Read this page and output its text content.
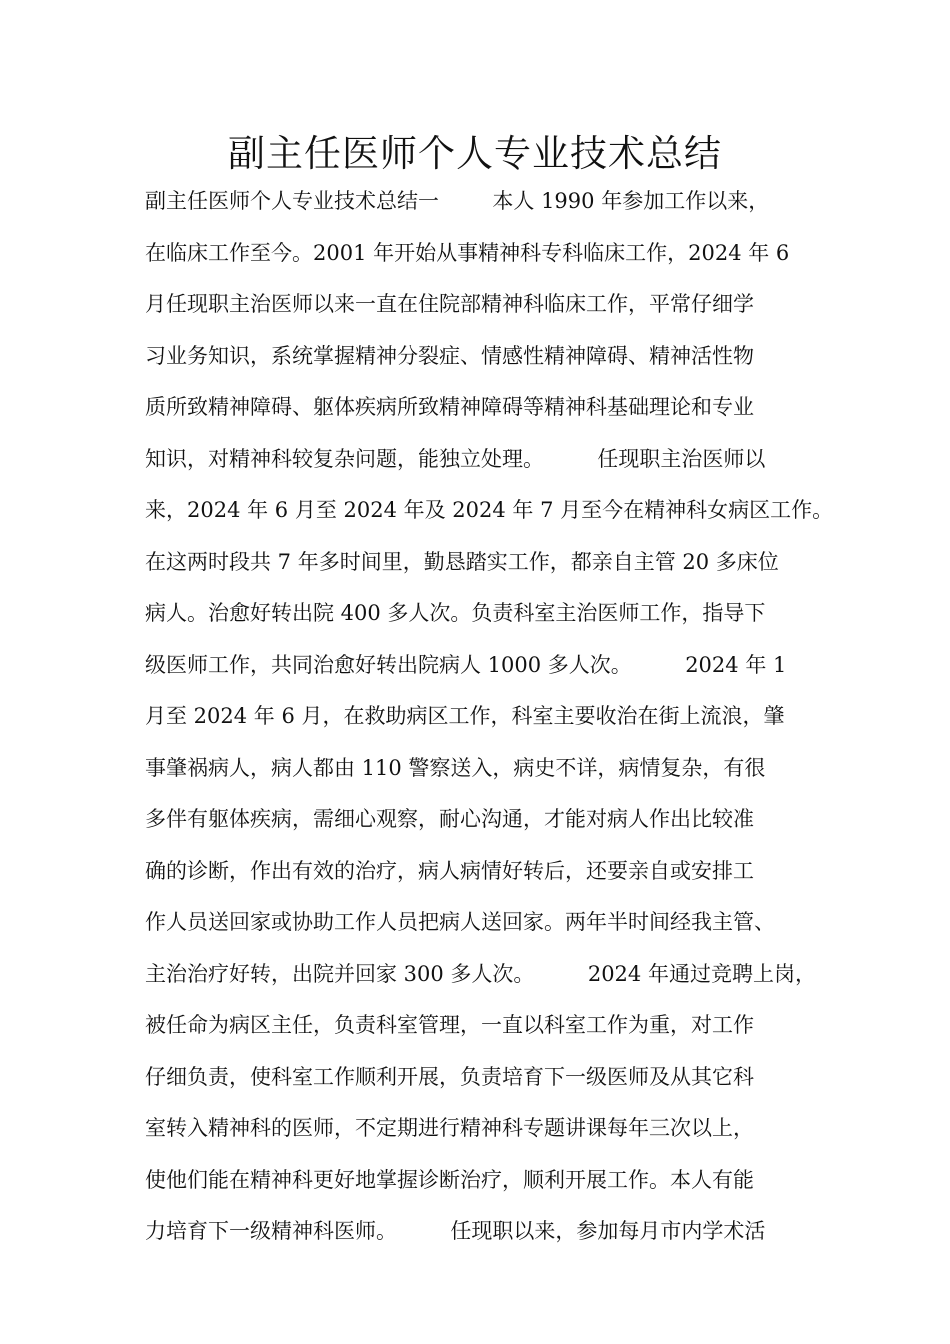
副主任医师个人专业技术总结
副主任医师个人专业技术总结一        本人 1990 年参加工作以来，
在临床工作至今。2001 年开始从事精神科专科临床工作，2024 年 6
月任现职主治医师以来一直在住院部精神科临床工作，平常仔细学
习业务知识，系统掌握精神分裂症、情感性精神障碍、精神活性物
质所致精神障碍、躯体疾病所致精神障碍等精神科基础理论和专业
知识，对精神科较复杂问题，能独立处理。        任现职主治医师以
来，2024 年 6 月至 2024 年及 2024 年 7 月至今在精神科女病区工作。
在这两时段共 7 年多时间里，勤恳踏实工作，都亲自主管 20 多床位
病人。治愈好转出院 400 多人次。负责科室主治医师工作，指导下
级医师工作，共同治愈好转出院病人 1000 多人次。        2024 年 1
月至 2024 年 6 月，在救助病区工作，科室主要收治在街上流浪，肇
事肇祸病人，病人都由 110 警察送入，病史不详，病情复杂，有很
多伴有躯体疾病，需细心观察，耐心沟通，才能对病人作出比较准
确的诊断，作出有效的治疗，病人病情好转后，还要亲自或安排工
作人员送回家或协助工作人员把病人送回家。两年半时间经我主管、
主治治疗好转，出院并回家 300 多人次。        2024 年通过竞聘上岗，
被任命为病区主任，负责科室管理，一直以科室工作为重，对工作
仔细负责，使科室工作顺利开展，负责培育下一级医师及从其它科
室转入精神科的医师，不定期进行精神科专题讲课每年三次以上，
使他们能在精神科更好地掌握诊断治疗，顺利开展工作。本人有能
力培育下一级精神科医师。        任现职以来，参加每月市内学术活
